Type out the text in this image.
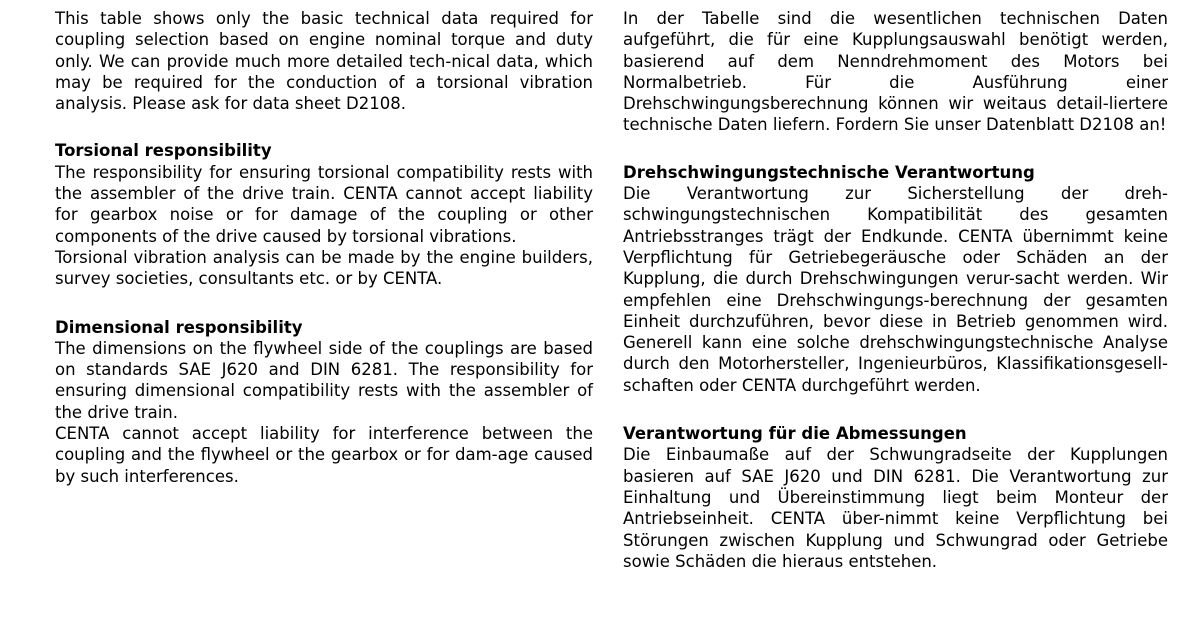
This table shows only the basic technical data required for coupling selection based on engine nominal torque and duty only. We can provide much more detailed tech-nical data, which may be required for the conduction of a torsional vibration analysis. Please ask for data sheet D2108.

Torsional responsibility

The responsibility for ensuring torsional compatibility rests with the assembler of the drive train. CENTA cannot accept liability for gearbox noise or for damage of the coupling or other components of the drive caused by torsional vibrations.

Torsional vibration analysis can be made by the engine builders, survey societies, consultants etc. or by CENTA.

Dimensional responsibility

The dimensions on the flywheel side of the couplings are based on standards SAE J620 and DIN 6281. The responsibility for ensuring dimensional compatibility rests with the assembler of the drive train.

CENTA cannot accept liability for interference between the coupling and the flywheel or the gearbox or for dam-age caused by such interferences.

In der Tabelle sind die wesentlichen technischen Daten aufgeführt, die für eine Kupplungsauswahl benötigt werden, basierend auf dem Nenndrehmoment des Motors bei Normalbetrieb. Für die Ausführung einer Drehschwingungsberechnung können wir weitaus detail-liertere technische Daten liefern. Fordern Sie unser Datenblatt D2108 an!

Drehschwingungstechnische Verantwortung

Die Verantwortung zur Sicherstellung der dreh-schwingungstechnischen Kompatibilität des gesamten Antriebsstranges trägt der Endkunde. CENTA übernimmt keine Verpflichtung für Getriebegeräusche oder Schäden an der Kupplung, die durch Drehschwingungen verur-sacht werden. Wir empfehlen eine Drehschwingungs-berechnung der gesamten Einheit durchzuführen, bevor diese in Betrieb genommen wird. Generell kann eine solche drehschwingungstechnische Analyse durch den Motorhersteller, Ingenieurbüros, Klassifikationsgesell-schaften oder CENTA durchgeführt werden.

Verantwortung für die Abmessungen

Die Einbaumaße auf der Schwungradseite der Kupplungen basieren auf SAE J620 und DIN 6281. Die Verantwortung zur Einhaltung und Übereinstimmung liegt beim Monteur der Antriebseinheit. CENTA über-nimmt keine Verpflichtung bei Störungen zwischen Kupplung und Schwungrad oder Getriebe sowie Schäden die hieraus entstehen.
